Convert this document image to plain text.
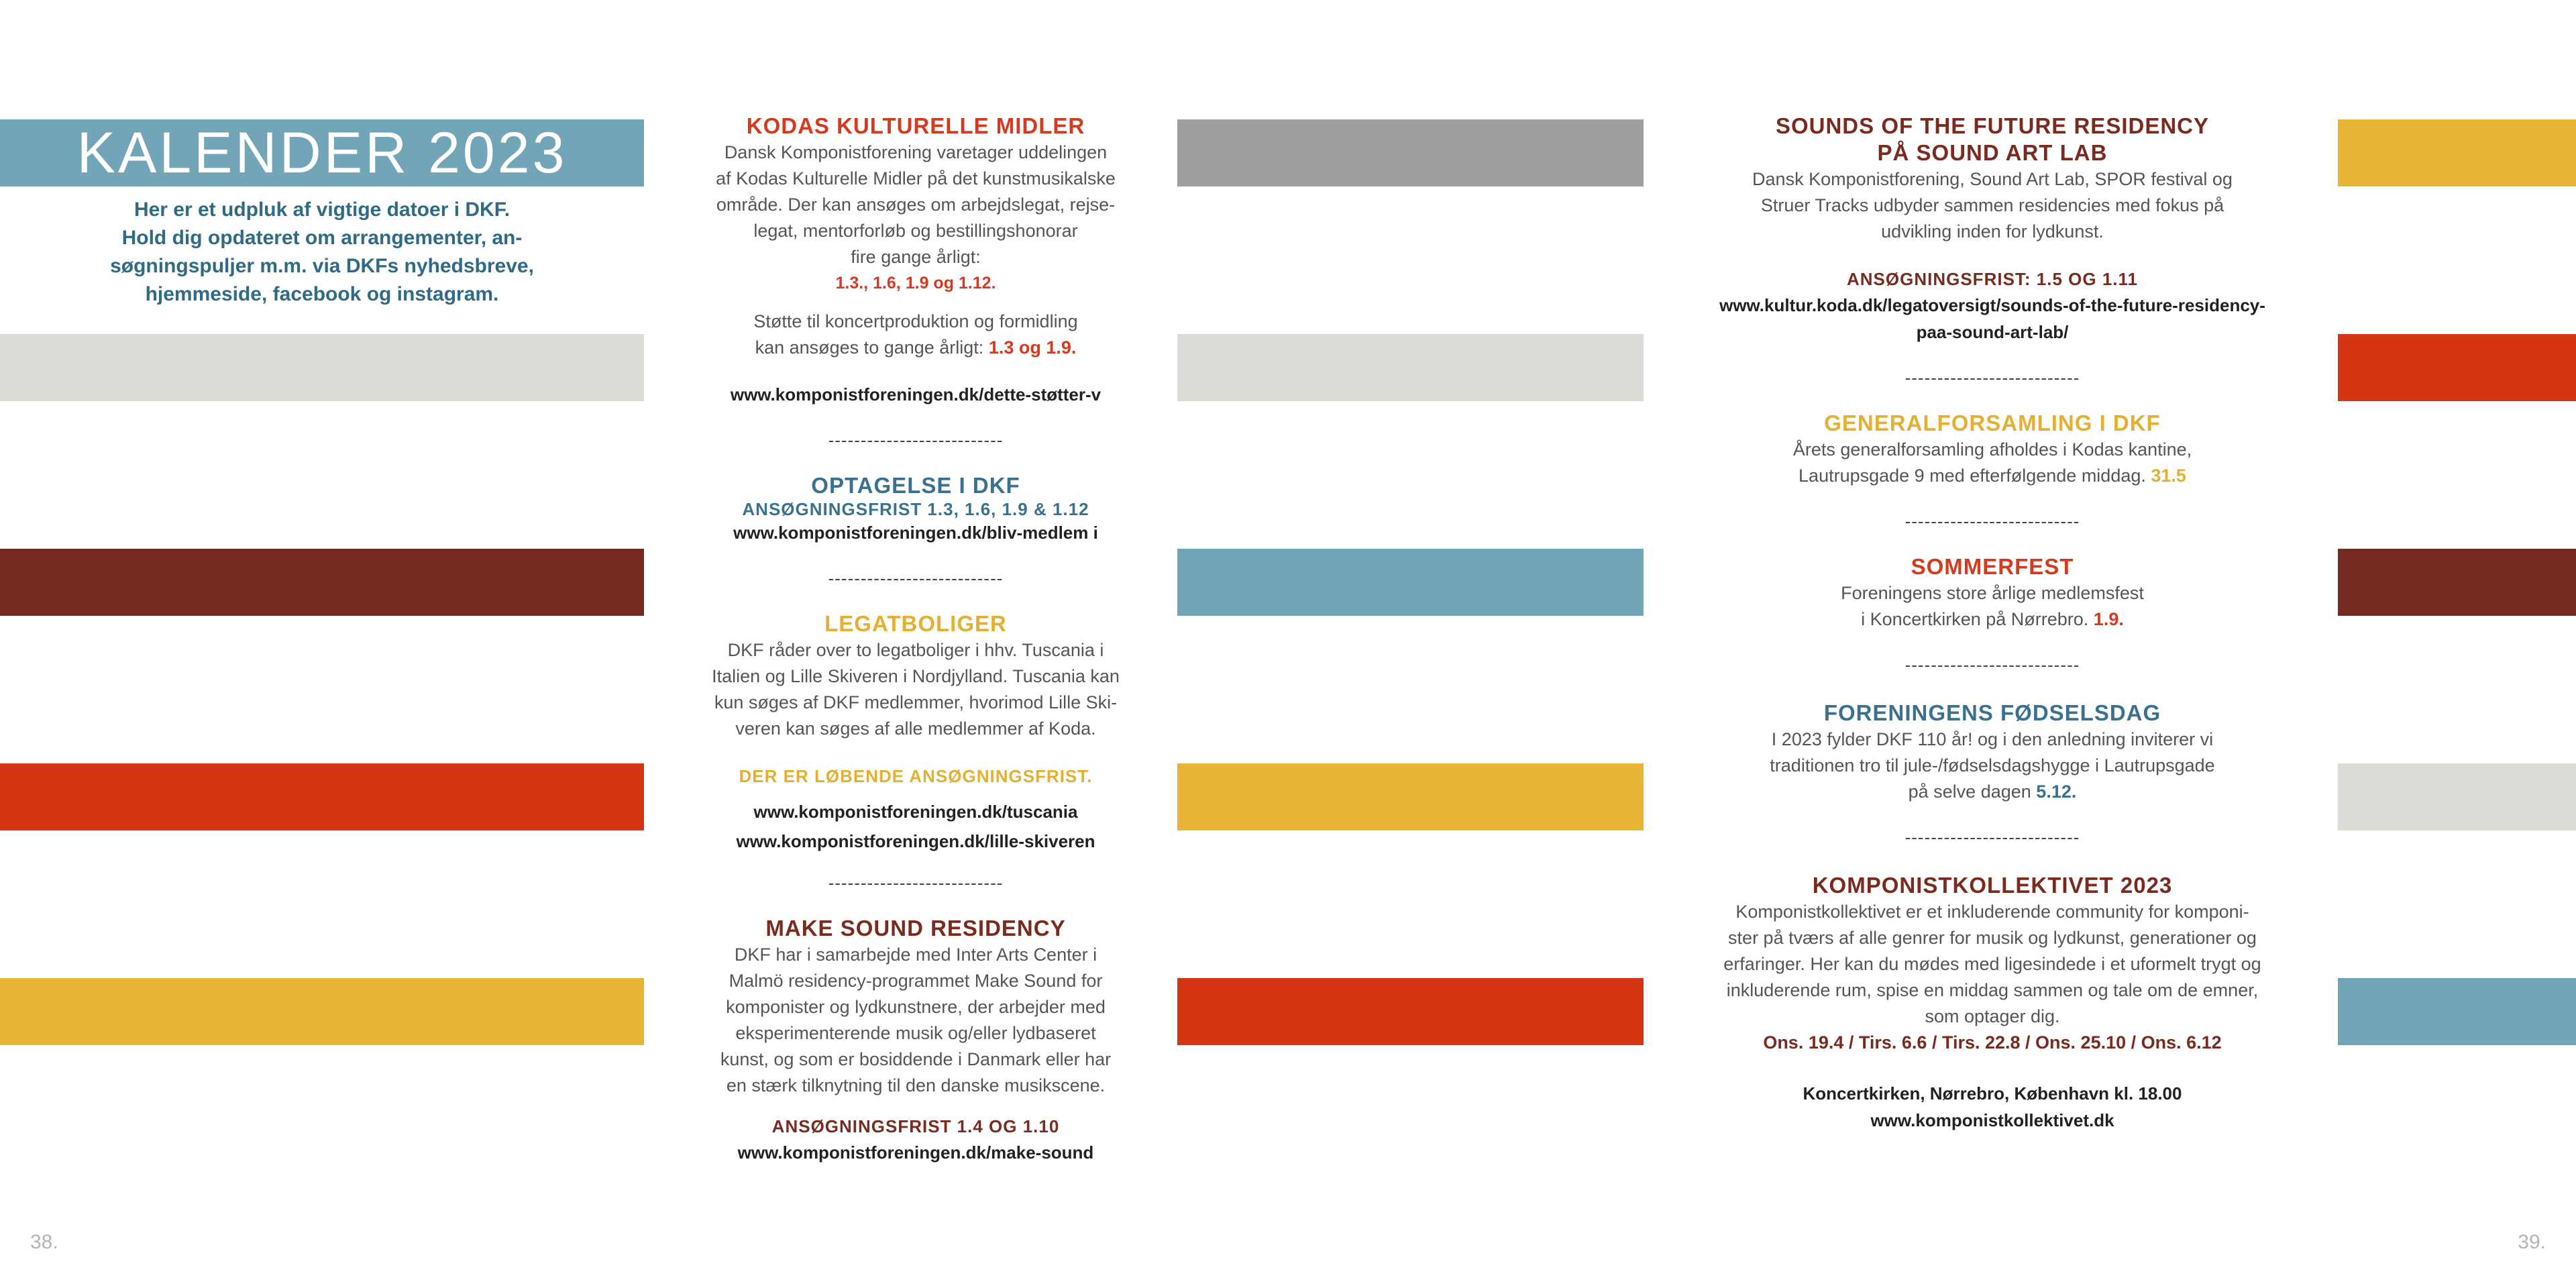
KALENDER 2023
Her er et udpluk af vigtige datoer i DKF.
Hold dig opdateret om arrangementer, an-
søgningspuljer m.m. via DKFs nyhedsbreve,
hjemmeside, facebook og instagram.
KODAS KULTURELLE MIDLER
Dansk Komponistforening varetager uddelingen
af Kodas Kulturelle Midler på det kunstmusikalske
område. Der kan ansøges om arbejdslegat, rejse-
legat, mentorforløb og bestillingshonorar
fire gange årligt:
1.3., 1.6, 1.9 og 1.12.
Støtte til koncertproduktion og formidling
kan ansøges to gange årligt: 1.3 og 1.9.
www.komponistforeningen.dk/dette-støtter-v
---------------------------
OPTAGELSE I DKF
ANSØGNINGSFRIST 1.3, 1.6, 1.9 & 1.12
www.komponistforeningen.dk/bliv-medlem i
---------------------------
LEGATBOLIGER
DKF råder over to legatboliger i hhv. Tuscania i
Italien og Lille Skiveren i Nordjylland. Tuscania kan
kun søges af DKF medlemmer, hvorimod Lille Ski-
veren kan søges af alle medlemmer af Koda.
DER ER LØBENDE ANSØGNINGSFRIST.
www.komponistforeningen.dk/tuscania
www.komponistforeningen.dk/lille-skiveren
---------------------------
MAKE SOUND RESIDENCY
DKF har i samarbejde med Inter Arts Center i
Malmö residency-programmet Make Sound for
komponister og lydkunstnere, der arbejder med
eksperimenterende musik og/eller lydbaseret
kunst, og som er bosiddende i Danmark eller har
en stærk tilknytning til den danske musikscene.
ANSØGNINGSFRIST 1.4 OG 1.10
www.komponistforeningen.dk/make-sound
SOUNDS OF THE FUTURE RESIDENCY
PÅ SOUND ART LAB
Dansk Komponistforening, Sound Art Lab, SPOR festival og
Struer Tracks udbyder sammen residencies med fokus på
udvikling inden for lydkunst.
ANSØGNINGSFRIST: 1.5 OG 1.11
www.kultur.koda.dk/legatoversigt/sounds-of-the-future-residency-
paa-sound-art-lab/
---------------------------
GENERALFORSAMLING I DKF
Årets generalforsamling afholdes i Kodas kantine,
Lautrupsgade 9 med efterfølgende middag. 31.5
---------------------------
SOMMERFEST
Foreningens store årlige medlemsfest
i Koncertkirken på Nørrebro. 1.9.
---------------------------
FORENINGENS FØDSELSDAG
I 2023 fylder DKF 110 år! og i den anledning inviterer vi
traditionen tro til jule-/fødselsdagshygge i Lautrupsgade
på selve dagen 5.12.
---------------------------
KOMPONISTKOLLEKTIVET 2023
Komponistkollektivet er et inkluderende community for komponi-
ster på tværs af alle genrer for musik og lydkunst, generationer og
erfaringer. Her kan du mødes med ligesindede i et uformelt trygt og
inkluderende rum, spise en middag sammen og tale om de emner,
som optager dig.
Ons. 19.4 / Tirs. 6.6 / Tirs. 22.8 / Ons. 25.10 / Ons. 6.12
Koncertkirken, Nørrebro, København kl. 18.00
www.komponistkollektivet.dk
38.	39.
